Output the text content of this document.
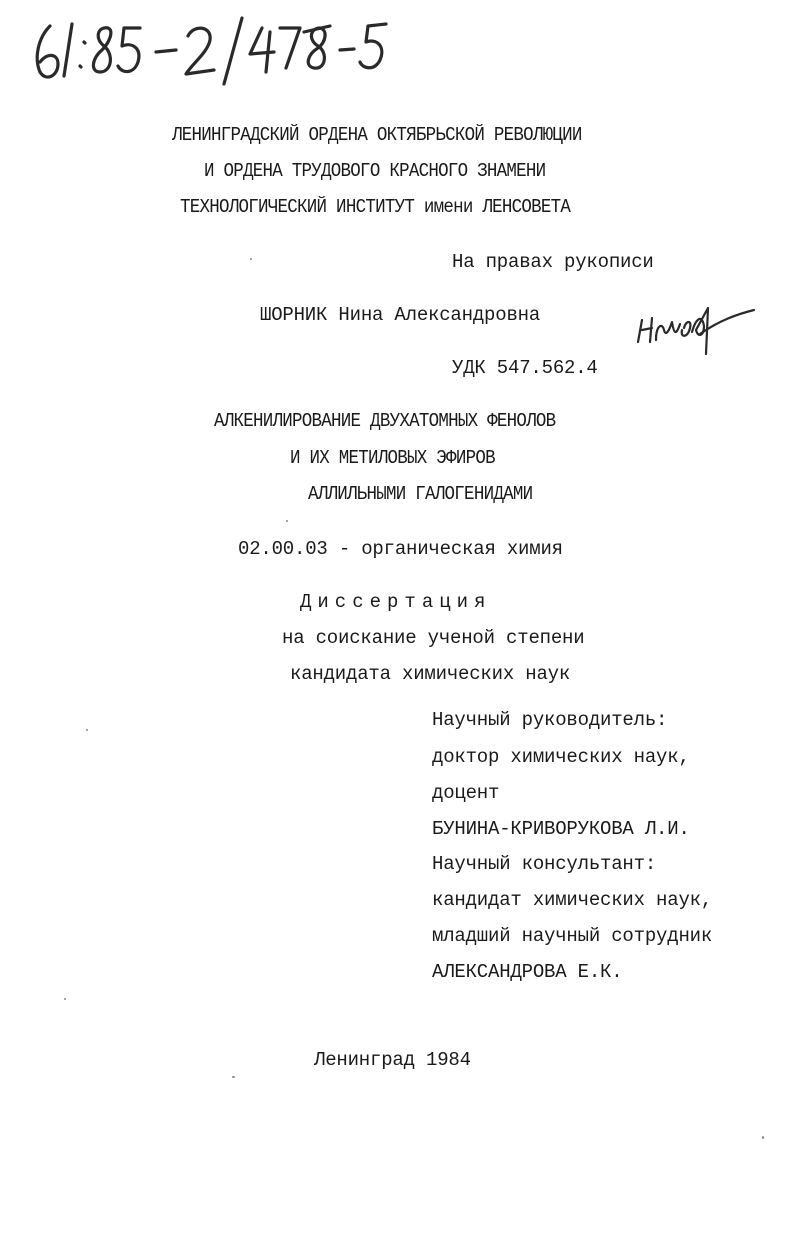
ЛЕНИНГРАДСКИЙ ОРДЕНА ОКТЯБРЬСКОЙ РЕВОЛЮЦИИ
И ОРДЕНА ТРУДОВОГО КРАСНОГО ЗНАМЕНИ
ТЕХНОЛОГИЧЕСКИЙ ИНСТИТУТ имени ЛЕНСОВЕТА
На правах рукописи
ШОРНИК Нина Александровна
УДК 547.562.4
АЛКЕНИЛИРОВАНИЕ ДВУХАТОМНЫХ ФЕНОЛОВ
И ИХ МЕТИЛОВЫХ ЭФИРОВ
АЛЛИЛЬНЫМИ ГАЛОГЕНИДАМИ
02.00.03 - органическая химия
Диссертация
на соискание ученой степени
кандидата химических наук
Научный руководитель:
доктор химических наук,
доцент
БУНИНА-КРИВОРУКОВА Л.И.
Научный консультант:
кандидат химических наук,
младший научный сотрудник
АЛЕКСАНДРОВА Е.К.
Ленинград 1984
